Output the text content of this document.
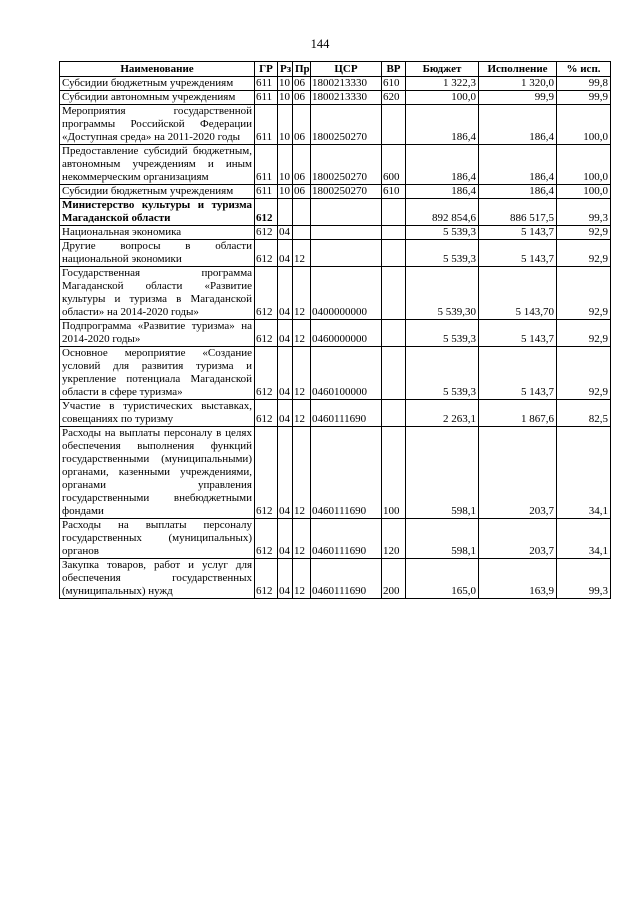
144
Наименование	ГР	Рз	Пр	ЦСР	ВР	Бюджет	Исполнение	% исп.
Субсидии бюджетным учреждениям	611	10	06	1800213330	610	1 322,3	1 320,0	99,8
Субсидии автономным учреждениям	611	10	06	1800213330	620	100,0	99,9	99,9
Мероприятия государственной программы Российской Федерации «Доступная среда» на 2011-2020 годы	611	10	06	1800250270		186,4	186,4	100,0
Предоставление субсидий бюджетным, автономным учреждениям и иным некоммерческим организациям	611	10	06	1800250270	600	186,4	186,4	100,0
Субсидии бюджетным учреждениям	611	10	06	1800250270	610	186,4	186,4	100,0
Министерство культуры и туризма Магаданской области	612					892 854,6	886 517,5	99,3
Национальная экономика	612	04				5 539,3	5 143,7	92,9
Другие вопросы в области национальной экономики	612	04	12			5 539,3	5 143,7	92,9
Государственная программа Магаданской области «Развитие культуры и туризма в Магаданской области» на 2014-2020 годы»	612	04	12	0400000000		5 539,30	5 143,70	92,9
Подпрограмма «Развитие туризма» на 2014-2020 годы»	612	04	12	0460000000		5 539,3	5 143,7	92,9
Основное мероприятие «Создание условий для развития туризма и укрепление потенциала Магаданской области в сфере туризма»	612	04	12	0460100000		5 539,3	5 143,7	92,9
Участие в туристических выставках, совещаниях по туризму	612	04	12	0460111690		2 263,1	1 867,6	82,5
Расходы на выплаты персоналу в целях обеспечения выполнения функций государственными (муниципальными) органами, казенными учреждениями, органами управления государственными внебюджетными фондами	612	04	12	0460111690	100	598,1	203,7	34,1
Расходы на выплаты персоналу государственных (муниципальных) органов	612	04	12	0460111690	120	598,1	203,7	34,1
Закупка товаров, работ и услуг для обеспечения государственных (муниципальных) нужд	612	04	12	0460111690	200	165,0	163,9	99,3
